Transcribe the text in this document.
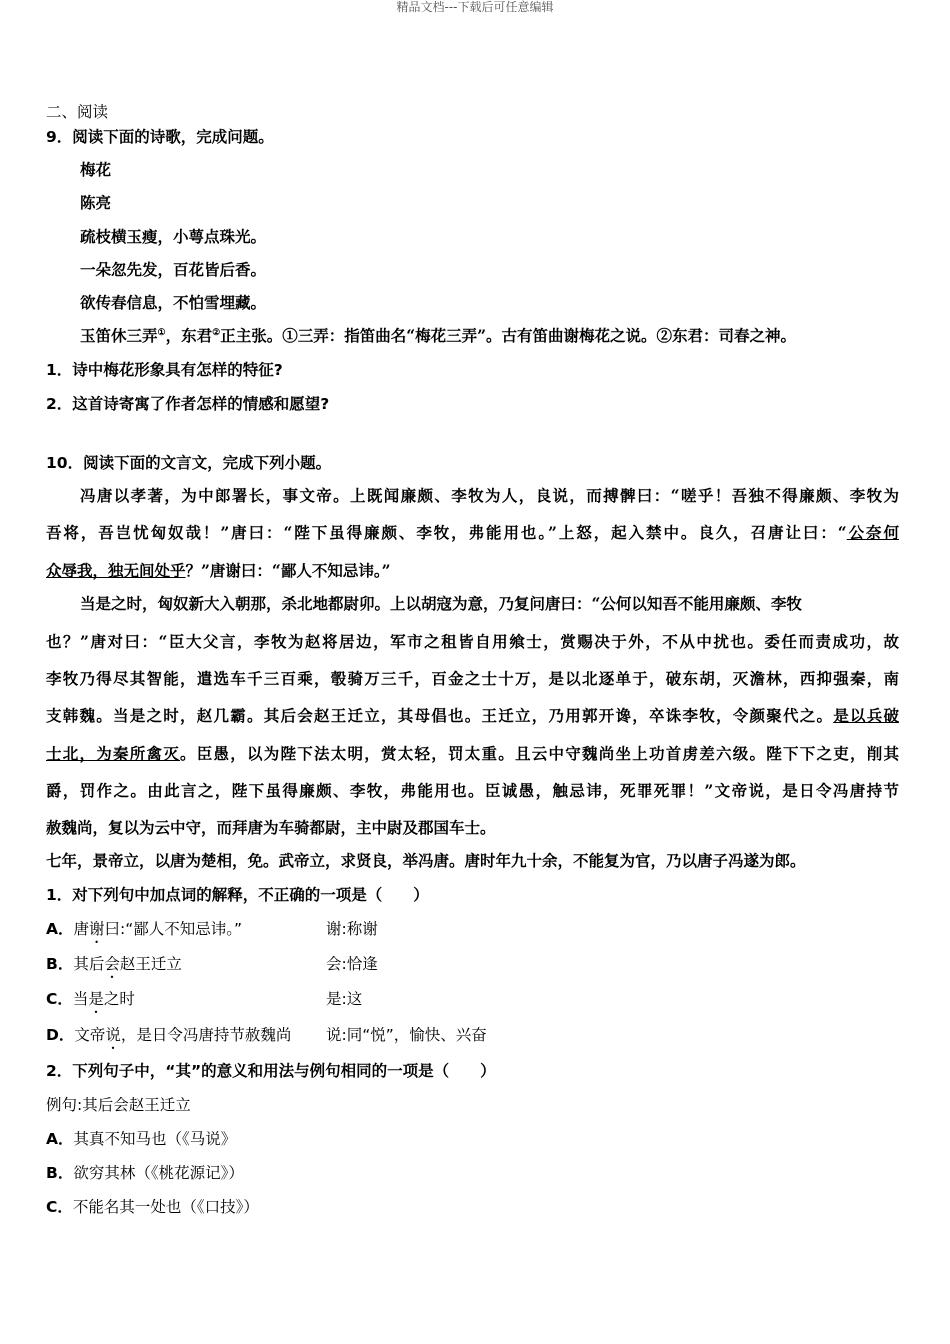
精品文档---下载后可任意编辑

二、阅读

9．阅读下面的诗歌，完成问题。

梅花

陈亮

疏枝横玉瘦，小萼点珠光。

一朵忽先发，百花皆后香。

欲传春信息，不怕雪埋藏。

玉笛休三弄①，东君②正主张。①三弄：指笛曲名“梅花三弄”。古有笛曲谢梅花之说。②东君：司春之神。

1．诗中梅花形象具有怎样的特征?

2．这首诗寄寓了作者怎样的情感和愿望?

10．阅读下面的文言文，完成下列小题。

冯唐以孝著，为中郎署长，事文帝。上既闻廉颇、李牧为人，良说，而搏髀曰：“嗟乎！吾独不得廉颇、李牧为

吾将，吾岂忧匈奴哉！”唐曰：“陛下虽得廉颇、李牧，弗能用也。”上怒，起入禁中。良久，召唐让曰：“公奈何

众辱我，独无间处乎？”唐谢曰：“鄙人不知忌讳。”

当是之时，匈奴新大入朝那，杀北地都尉卯。上以胡寇为意，乃复问唐曰：“公何以知吾不能用廉颇、李牧

也？”唐对曰：“臣大父言，李牧为赵将居边，军市之租皆自用飨士，赏赐决于外，不从中扰也。委任而责成功，故

李牧乃得尽其智能，遣选车千三百乘，彀骑万三千，百金之士十万，是以北逐单于，破东胡，灭澹林，西抑强秦，南

支韩魏。当是之时，赵几霸。其后会赵王迁立，其母倡也。王迁立，乃用郭开谗，卒诛李牧，令颜聚代之。是以兵破

士北，为秦所禽灭。臣愚，以为陛下法太明，赏太轻，罚太重。且云中守魏尚坐上功首虏差六级。陛下下之吏，削其

爵，罚作之。由此言之，陛下虽得廉颇、李牧，弗能用也。臣诚愚，触忌讳，死罪死罪！”文帝说，是日令冯唐持节

赦魏尚，复以为云中守，而拜唐为车骑都尉，主中尉及郡国车士。

七年，景帝立，以唐为楚相，免。武帝立，求贤良，举冯唐。唐时年九十余，不能复为官，乃以唐子冯遂为郎。

1．对下列句中加点词的解释，不正确的一项是（　　）

A．唐谢曰:“鄙人不知忌讳。”	谢:称谢

B．其后会赵王迁立	会:恰逢

C．当是之时	是:这

D．文帝说，是日令冯唐持节赦魏尚 说:同“悦”，愉快、兴奋

2．下列句子中，“其”的意义和用法与例句相同的一项是（　　）

例句:其后会赵王迁立

A．其真不知马也（《马说》

B．欲穷其林（《桃花源记》）

C．不能名其一处也（《口技》）
